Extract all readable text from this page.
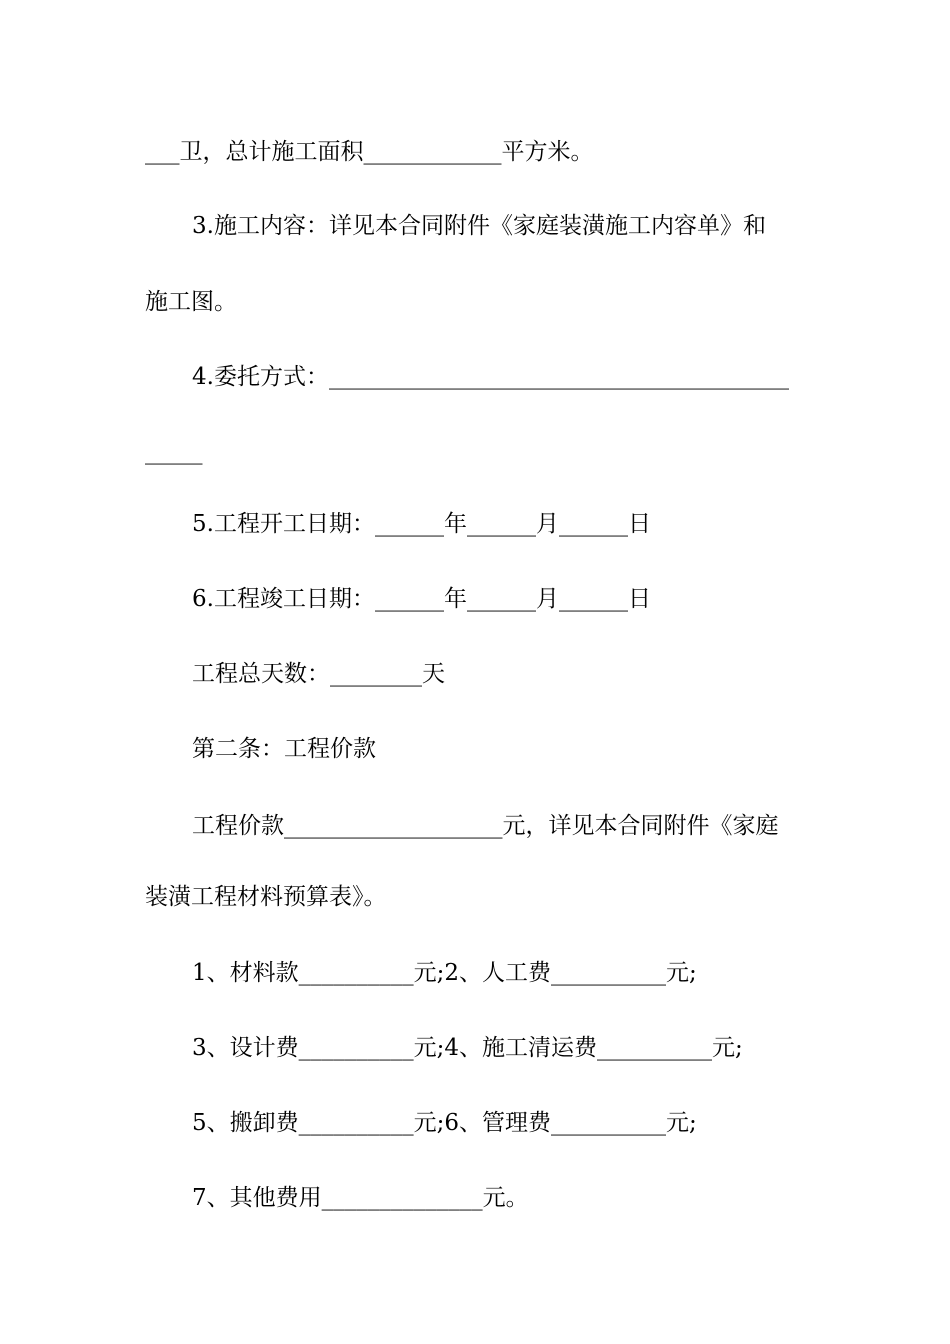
___卫，总计施工面积____________平方米。
3.施工内容：详见本合同附件《家庭装潢施工内容单》和
施工图。
4.委托方式：________________________________________
_____
5.工程开工日期：______年______月______日
6.工程竣工日期：______年______月______日
工程总天数：________天
第二条：工程价款
工程价款___________________元，详见本合同附件《家庭
装潢工程材料预算表》。
1、材料款__________元;2、人工费__________元;
3、设计费__________元;4、施工清运费__________元;
5、搬卸费__________元;6、管理费__________元;
7、其他费用______________元。
